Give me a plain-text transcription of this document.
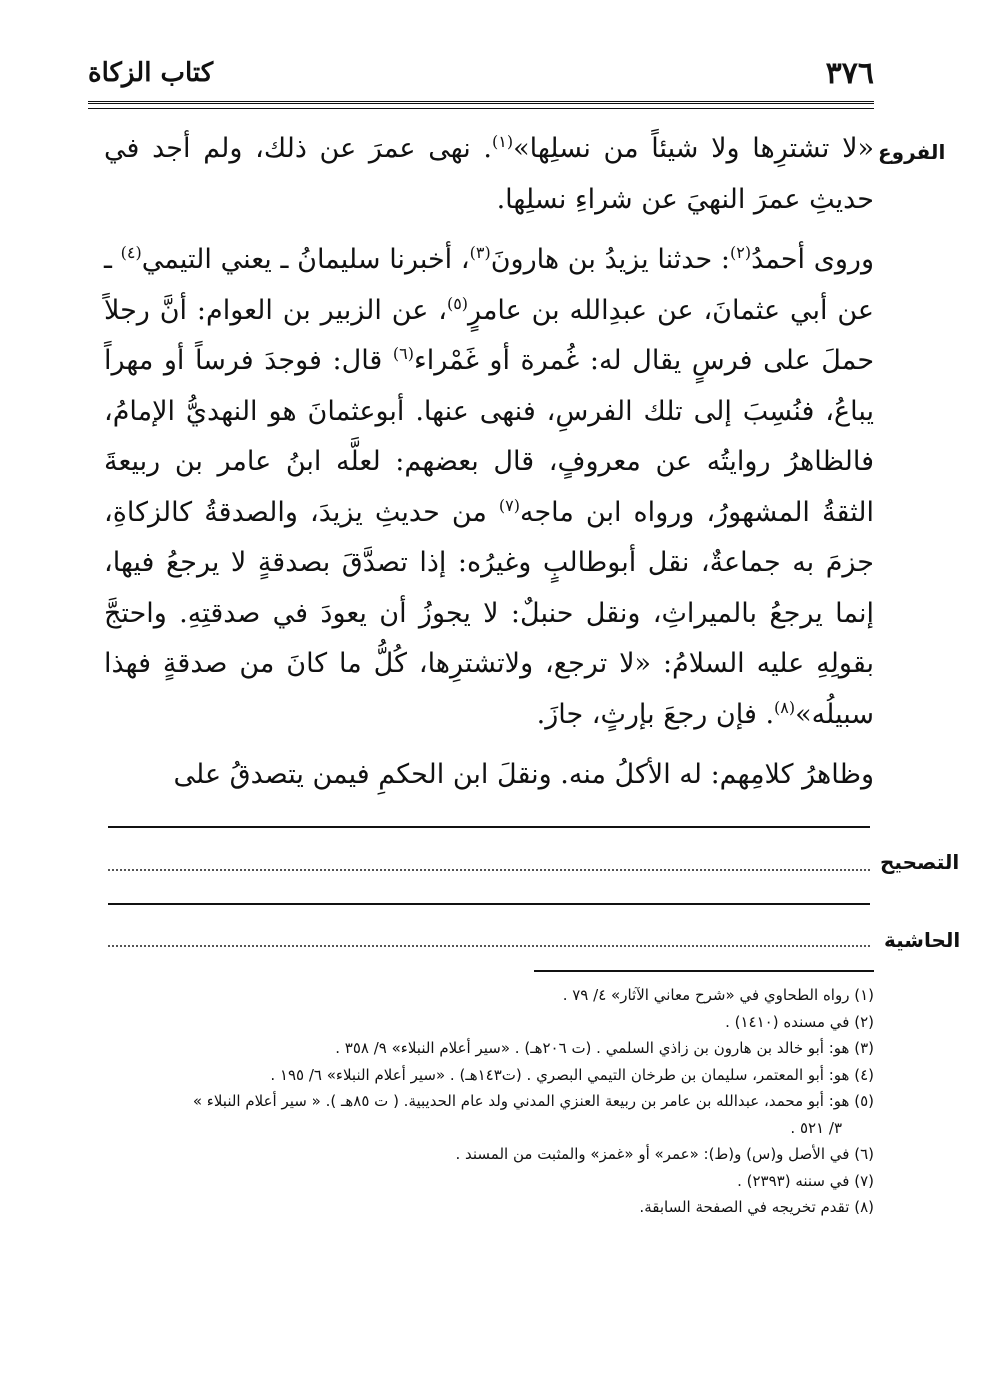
٣٧٦
كتاب الزكاة
الفروع

«لا تشترِها ولا شيئاً من نسلِها»$^{(١)}$. نهى عمرَ عن ذلك، ولم أجد في حديثِ عمرَ النهيَ عن شراءِ نسلِها.

وروى أحمدُ$^{(٢)}$: حدثنا يزيدُ بن هارونَ$^{(٣)}$، أخبرنا سليمانُ ـ يعني التيمي$^{(٤)}$ ـ عن أبي عثمانَ، عن عبدِالله بن عامرٍ$^{(٥)}$، عن الزبير بن العوام: أنَّ رجلاً حملَ على فرسٍ يقال له: غُمرة أو غَمْراء$^{(٦)}$ قال: فوجدَ فرساً أو مهراً يباعُ، فنُسِبَ إلى تلك الفرسِ، فنهى عنها. أبوعثمانَ هو النهديُّ الإمامُ، فالظاهرُ روايتُه عن معروفٍ، قال بعضهم: لعلَّه ابنُ عامر بن ربيعةَ الثقةُ المشهورُ، ورواه ابن ماجه$^{(٧)}$ من حديثِ يزيدَ، والصدقةُ كالزكاةِ، جزمَ به جماعةٌ، نقل أبوطالبٍ وغيرُه: إذا تصدَّقَ بصدقةٍ لا يرجعُ فيها، إنما يرجعُ بالميراثِ، ونقل حنبلٌ: لا يجوزُ أن يعودَ في صدقتِهِ. واحتجَّ بقولِهِ عليه السلامُ: «لا ترجع، ولاتشترِها، كُلُّ ما كانَ من صدقةٍ فهذا سبيلُه»$^{(٨)}$. فإن رجعَ بإرثٍ، جازَ.

وظاهرُ كلامِهم: له الأكلُ منه. ونقلَ ابن الحكمِ فيمن يتصدقُ على

التصحيح
الحاشية

(١) رواه الطحاوي في «شرح معاني الآثار» ٤/ ٧٩ .

(٢) في مسنده (١٤١٠) .

(٣) هو: أبو خالد بن هارون بن زاذي السلمي . (ت ٢٠٦هـ) . «سير أعلام النبلاء» ٩/ ٣٥٨ .

(٤) هو: أبو المعتمر، سليمان بن طرخان التيمي البصري . (ت١٤٣هـ) . «سير أعلام النبلاء» ٦/ ١٩٥ .

(٥) هو: أبو محمد، عبدالله بن عامر بن ربيعة العنزي المدني ولد عام الحديبية. ( ت ٨٥هـ ). « سير أعلام النبلاء »

٣/ ٥٢١ .

(٦) في الأصل و(س) و(ط): «عمر» أو «غمز» والمثبت من المسند .

(٧) في سننه (٢٣٩٣) .

(٨) تقدم تخريجه في الصفحة السابقة.
